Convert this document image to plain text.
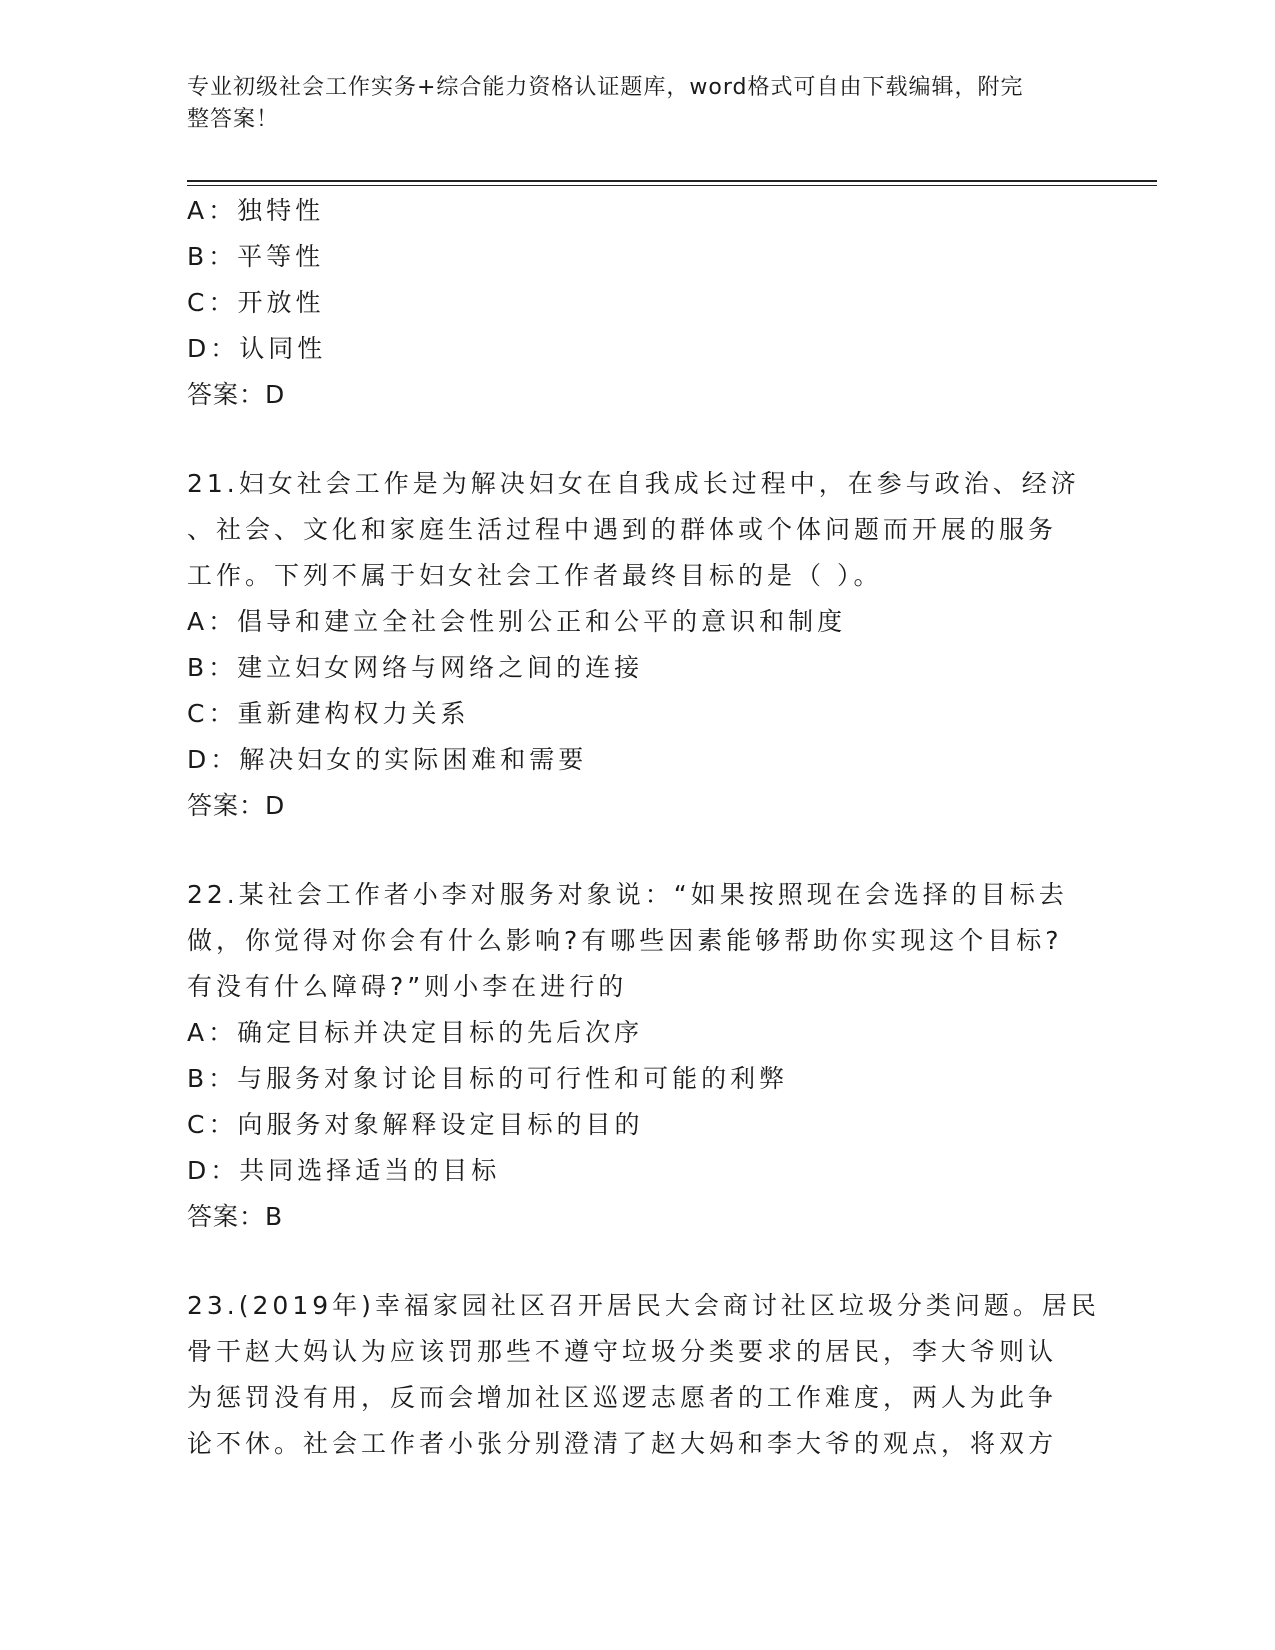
专业初级社会工作实务+综合能力资格认证题库，word格式可自由下载编辑，附完
整答案！
A：独特性
B：平等性
C：开放性
D：认同性
答案：D
21.妇女社会工作是为解决妇女在自我成长过程中，在参与政治、经济
、社会、文化和家庭生活过程中遇到的群体或个体问题而开展的服务
工作。下列不属于妇女社会工作者最终目标的是（ ）。
A：倡导和建立全社会性别公正和公平的意识和制度
B：建立妇女网络与网络之间的连接
C：重新建构权力关系
D：解决妇女的实际困难和需要
答案：D
22.某社会工作者小李对服务对象说：“如果按照现在会选择的目标去
做，你觉得对你会有什么影响?有哪些因素能够帮助你实现这个目标?
有没有什么障碍?”则小李在进行的
A：确定目标并决定目标的先后次序
B：与服务对象讨论目标的可行性和可能的利弊
C：向服务对象解释设定目标的目的
D：共同选择适当的目标
答案：B
23.(2019年)幸福家园社区召开居民大会商讨社区垃圾分类问题。居民
骨干赵大妈认为应该罚那些不遵守垃圾分类要求的居民，李大爷则认
为惩罚没有用，反而会增加社区巡逻志愿者的工作难度，两人为此争
论不休。社会工作者小张分别澄清了赵大妈和李大爷的观点，将双方
